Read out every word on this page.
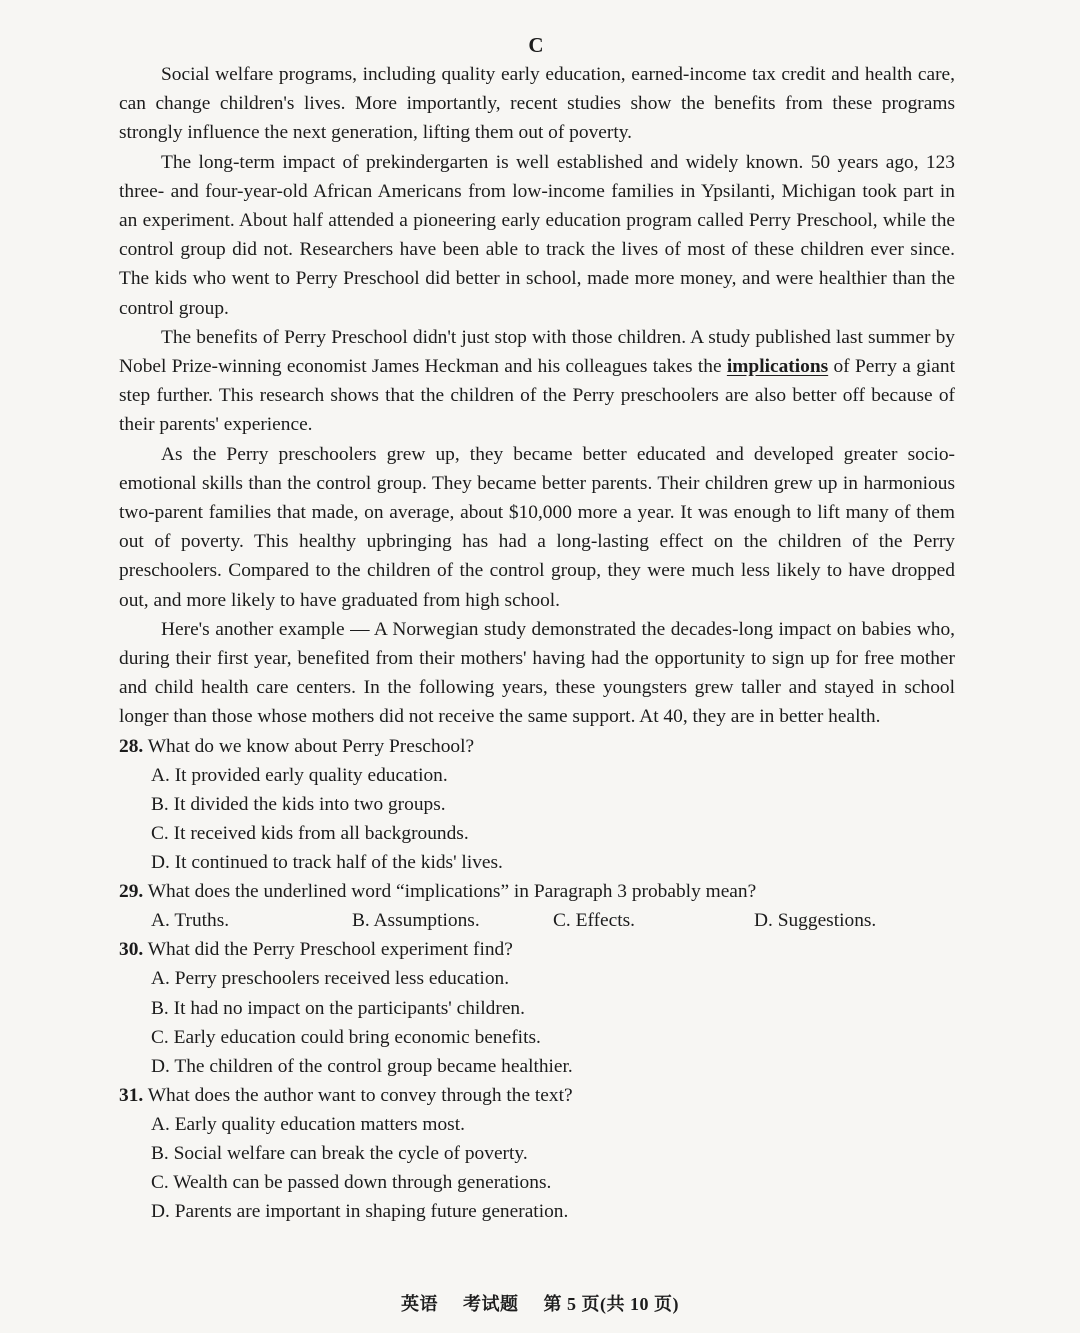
C

Social welfare programs, including quality early education, earned-income tax credit and health care, can change children's lives. More importantly, recent studies show the benefits from these programs strongly influence the next generation, lifting them out of poverty.

The long-term impact of prekindergarten is well established and widely known. 50 years ago, 123 three- and four-year-old African Americans from low-income families in Ypsilanti, Michigan took part in an experiment. About half attended a pioneering early education program called Perry Preschool, while the control group did not. Researchers have been able to track the lives of most of these children ever since. The kids who went to Perry Preschool did better in school, made more money, and were healthier than the control group.

The benefits of Perry Preschool didn't just stop with those children. A study published last summer by Nobel Prize-winning economist James Heckman and his colleagues takes the implications of Perry a giant step further. This research shows that the children of the Perry preschoolers are also better off because of their parents' experience.

As the Perry preschoolers grew up, they became better educated and developed greater socio-emotional skills than the control group. They became better parents. Their children grew up in harmonious two-parent families that made, on average, about $10,000 more a year. It was enough to lift many of them out of poverty. This healthy upbringing has had a long-lasting effect on the children of the Perry preschoolers. Compared to the children of the control group, they were much less likely to have dropped out, and more likely to have graduated from high school.

Here's another example — A Norwegian study demonstrated the decades-long impact on babies who, during their first year, benefited from their mothers' having had the opportunity to sign up for free mother and child health care centers. In the following years, these youngsters grew taller and stayed in school longer than those whose mothers did not receive the same support. At 40, they are in better health.

28. What do we know about Perry Preschool?
A. It provided early quality education.
B. It divided the kids into two groups.
C. It received kids from all backgrounds.
D. It continued to track half of the kids' lives.
29. What does the underlined word “implications” in Paragraph 3 probably mean?
A. Truths.	B. Assumptions.	C. Effects.	D. Suggestions.
30. What did the Perry Preschool experiment find?
A. Perry preschoolers received less education.
B. It had no impact on the participants' children.
C. Early education could bring economic benefits.
D. The children of the control group became healthier.
31. What does the author want to convey through the text?
A. Early quality education matters most.
B. Social welfare can break the cycle of poverty.
C. Wealth can be passed down through generations.
D. Parents are important in shaping future generation.
英语 考试题 第 5 页(共 10 页)
